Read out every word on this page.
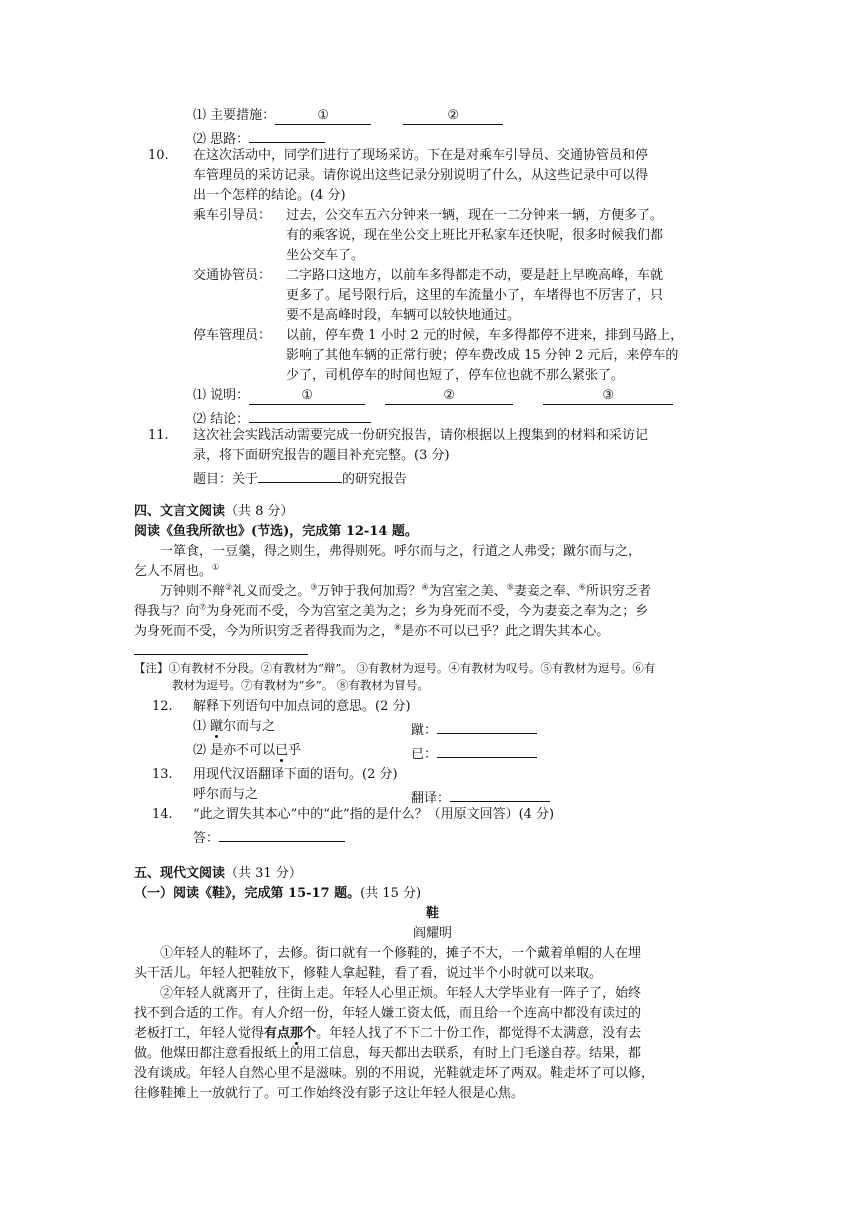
⑴ 主要措施：	①	②
⑵ 思路：
10. 在这次活动中，同学们进行了现场采访。下在是对乘车引导员、交通协管员和停
车管理员的采访记录。请你说出这些记录分别说明了什么，从这些记录中可以得
出一个怎样的结论。(4 分)
乘车引导员： 过去，公交车五六分钟来一辆，现在一二分钟来一辆，方便多了。
有的乘客说，现在坐公交上班比开私家车还快呢，很多时候我们都
坐公交车了。
交通协管员： 二字路口这地方，以前车多得都走不动，要是赶上早晚高峰，车就
更多了。尾号限行后，这里的车流量小了，车堵得也不厉害了，只
要不是高峰时段，车辆可以较快地通过。
停车管理员： 以前，停车费 1 小时 2 元的时候，车多得都停不进来，排到马路上，
影响了其他车辆的正常行驶；停车费改成 15 分钟 2 元后，来停车的
少了，司机停车的时间也短了，停车位也就不那么紧张了。
⑴ 说明：	①	②	③
⑵ 结论：
11. 这次社会实践活动需要完成一份研究报告，请你根据以上搜集到的材料和采访记
录，将下面研究报告的题目补充完整。(3 分)
题目：关于	的研究报告
四、文言文阅读（共 8 分）
阅读《鱼我所欲也》(节选)，完成第 12-14 题。
一箪食，一豆羹，得之则生，弗得则死。呼尔而与之，行道之人弗受；蹴尔而与之，
乞人不屑也。①
万钟则不辩②礼义而受之。③万钟于我何加焉？④为宫室之美、⑤妻妾之奉、⑥所识穷乏者
得我与？向⑦为身死而不受，今为宫室之美为之；乡为身死而不受，今为妻妾之奉为之；乡
为身死而不受，今为所识穷乏者得我而为之，⑧是亦不可以已乎？此之谓失其本心。
【注】①有教材不分段。②有教材为“辩”。 ③有教材为逗号。④有教材为叹号。⑤有教材为逗号。⑥有
教材为逗号。⑦有教材为“乡”。 ⑧有教材为冒号。
12. 解释下列语句中加点词的意思。(2 分)
⑴ 蹴尔而与之	蹴：
⑵ 是亦不可以已乎	已：
13. 用现代汉语翻译下面的语句。(2 分)
呼尔而与之	翻译：
14. “此之谓失其本心”中的“此”指的是什么？（用原文回答）(4 分)
答：
五、现代文阅读（共 31 分）
（一）阅读《鞋》，完成第 15-17 题。(共 15 分)
鞋
阎耀明
①年轻人的鞋坏了，去修。街口就有一个修鞋的，摊子不大，一个戴着单帽的人在埋
头干活儿。年轻人把鞋放下，修鞋人拿起鞋，看了看，说过半个小时就可以来取。
②年轻人就离开了，往街上走。年轻人心里正烦。年轻人大学毕业有一阵子了，始终
找不到合适的工作。有人介绍一份，年轻人嫌工资太低，而且给一个连高中都没有读过的
老板打工，年轻人觉得有点那个。年轻人找了不下二十份工作，都觉得不太满意，没有去
做。他煤田都注意看报纸上的用工信息，每天都出去联系，有时上门毛遂自荐。结果，都
没有谈成。年轻人自然心里不是滋味。别的不用说，光鞋就走坏了两双。鞋走坏了可以修，
往修鞋摊上一放就行了。可工作始终没有影子这让年轻人很是心焦。
